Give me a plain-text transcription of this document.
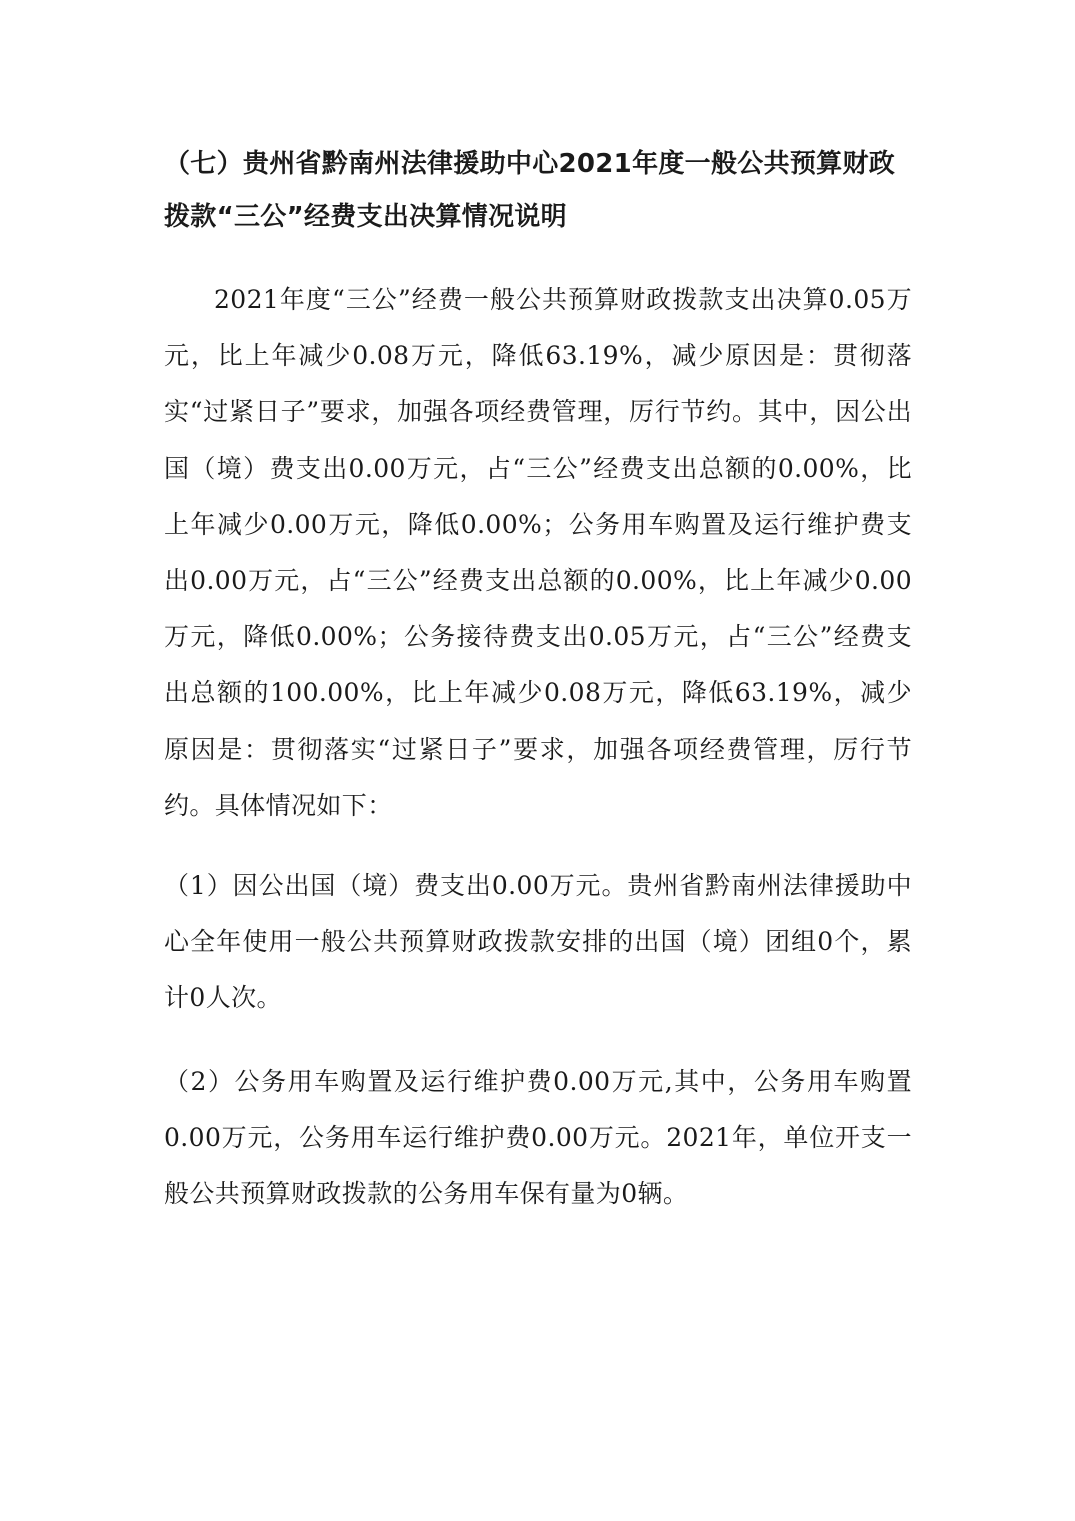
（七）贵州省黔南州法律援助中心2021年度一般公共预算财政拨款“三公”经费支出决算情况说明

2021年度“三公”经费一般公共预算财政拨款支出决算0.05万元，比上年减少0.08万元，降低63.19%，减少原因是：贯彻落实“过紧日子”要求，加强各项经费管理，厉行节约。其中，因公出国（境）费支出0.00万元，占“三公”经费支出总额的0.00%，比上年减少0.00万元，降低0.00%；公务用车购置及运行维护费支出0.00万元，占“三公”经费支出总额的0.00%，比上年减少0.00万元，降低0.00%；公务接待费支出0.05万元，占“三公”经费支出总额的100.00%，比上年减少0.08万元，降低63.19%，减少原因是：贯彻落实“过紧日子”要求，加强各项经费管理，厉行节约。具体情况如下：

（1）因公出国（境）费支出0.00万元。贵州省黔南州法律援助中心全年使用一般公共预算财政拨款安排的出国（境）团组0个，累计0人次。

（2）公务用车购置及运行维护费0.00万元,其中，公务用车购置0.00万元，公务用车运行维护费0.00万元。2021年，单位开支一般公共预算财政拨款的公务用车保有量为0辆。
